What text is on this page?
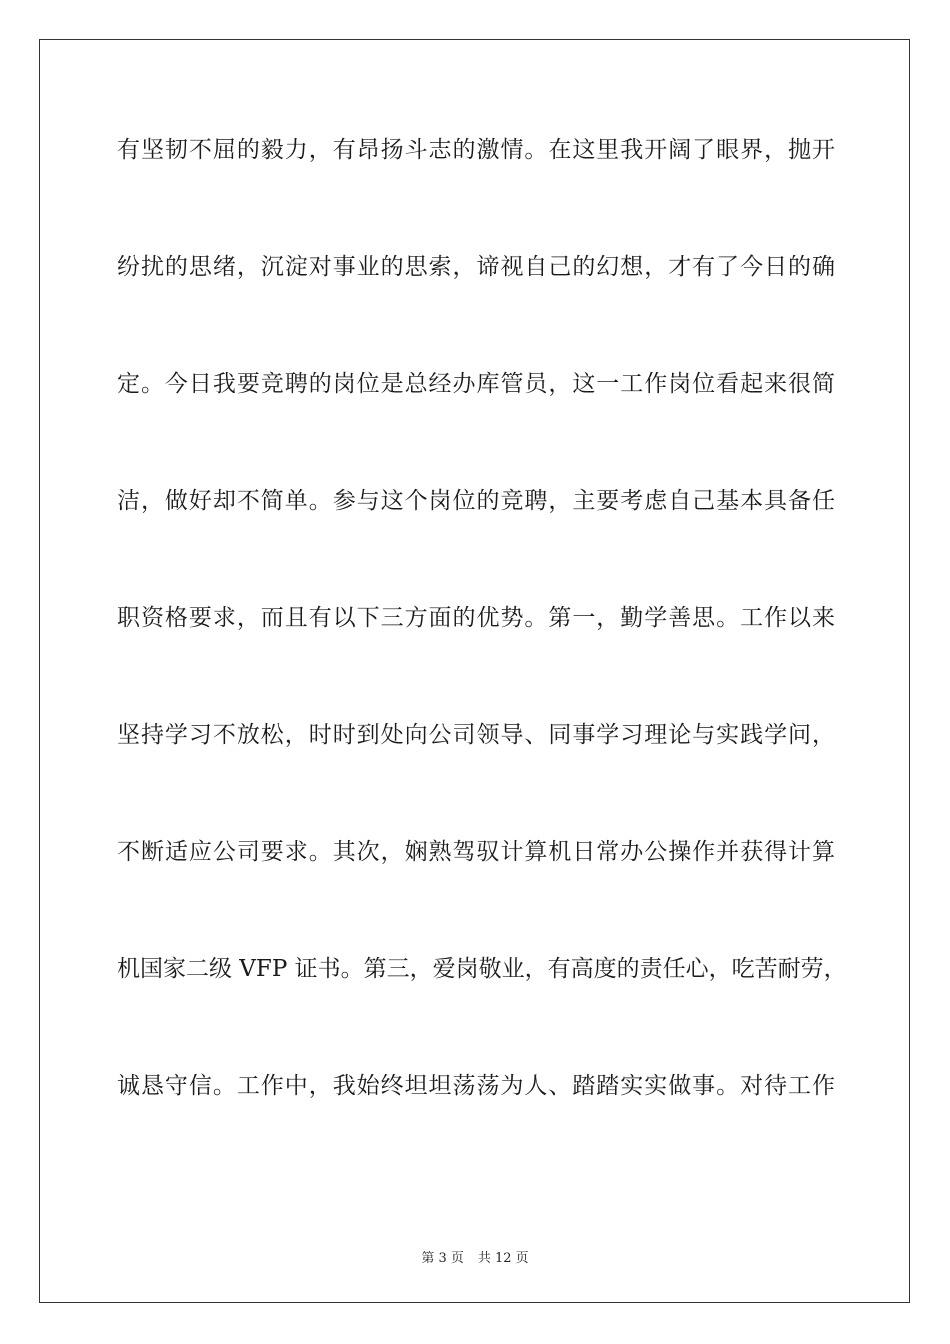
有坚韧不屈的毅力，有昂扬斗志的激情。在这里我开阔了眼界，抛开
纷扰的思绪，沉淀对事业的思索，谛视自己的幻想，才有了今日的确
定。今日我要竞聘的岗位是总经办库管员，这一工作岗位看起来很简
洁，做好却不简单。参与这个岗位的竞聘，主要考虑自己基本具备任
职资格要求，而且有以下三方面的优势。第一，勤学善思。工作以来
坚持学习不放松，时时到处向公司领导、同事学习理论与实践学问，
不断适应公司要求。其次，娴熟驾驭计算机日常办公操作并获得计算
机国家二级 VFP 证书。第三，爱岗敬业，有高度的责任心，吃苦耐劳，
诚恳守信。工作中，我始终坦坦荡荡为人、踏踏实实做事。对待工作
第 3 页 共 12 页
